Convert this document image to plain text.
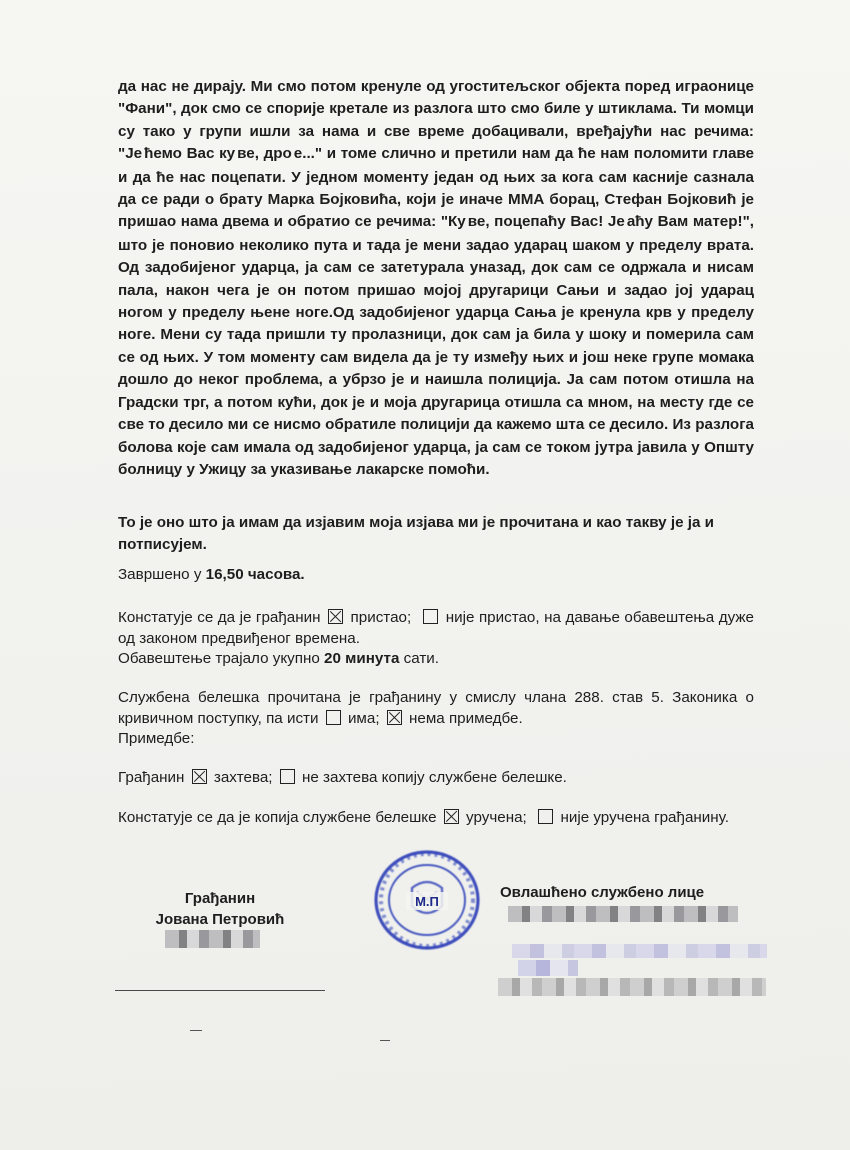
да нас не дирају. Ми смо потом кренуле од угоститељског објекта поред играонице "Фани", док смо се спорије кретале из разлога што смо биле у штиклама. Ти момци су тако у групи ишли за нама и све време добацивали, вређајући нас речима: "Је ћемо Вас ку ве, дро е..." и томе слично и претили нам да ће нам поломити главе и да ће нас поцепати. У једном моменту један од њих за кога сам касније сазнала да се ради о брату Марка Бојковића, који је иначе ММА борац, Стефан Бојковић је пришао нама двема и обратио се речима: "Ку ве, поцепаћу Вас! Је аћу Вам матер!", што је поновио неколико пута и тада је мени задао ударац шаком у пределу врата. Од задобијеног ударца, ја сам се затетурала уназад, док сам се одржала и нисам пала, након чега је он потом пришао мојој другарици Сањи и задао јој ударац ногом у пределу њене ноге.Од задобијеног ударца Сања је кренула крв у пределу ноге. Мени су тада пришли ту пролазници, док сам ја била у шоку и померила сам се од њих. У том моменту сам видела да је ту између њих и још неке групе момака дошло до неког проблема, а убрзо је и наишла полиција. Ја сам потом отишла на Градски трг, а потом кући, док је и моја другарица отишла са мном, на месту где се све то десило ми се нисмо обратиле полицији да кажемо шта се десило. Из разлога болова које сам имала од задобијеног ударца, ја сам се током јутра јавила у Општу болницу у Ужицу за указивање лакарске помоћи.

То је оно што ја имам да изјавим моја изјава ми је прочитана и као такву је ја и потписујем.

Завршено у 16,50 часова.
Констатује се да је грађанин пристао; није пристао, на давање обавештења дуже од законом предвиђеног времена.
Обавештење трајало укупно 20 минута сати.
Службена белешка прочитана је грађанину у смислу члана 288. став 5. Законика о кривичном поступку, па исти има; нема примедбе.
Примедбе:
Грађанин захтева; не захтева копију службене белешке.
Констатује се да је копија службене белешке уручена; није уручена грађанину.
Грађанин
Јована Петровић
М.П
Овлашћено службено лице
